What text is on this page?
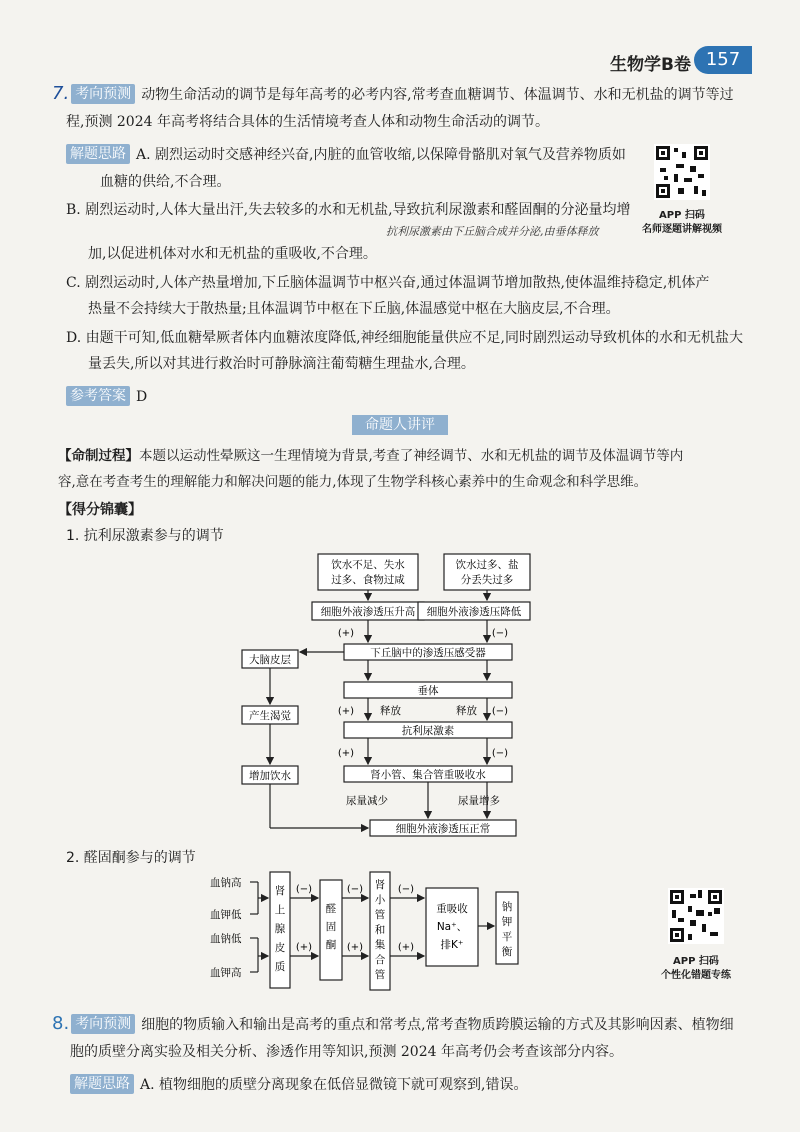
生物学B卷 157
7. 考向预测 动物生命活动的调节是每年高考的必考内容,常考查血糖调节、体温调节、水和无机盐的调节等过
程,预测 2024 年高考将结合具体的生活情境考查人体和动物生命活动的调节。
解题思路 A. 剧烈运动时交感神经兴奋,内脏的血管收缩,以保障骨骼肌对氧气及营养物质如
血糖的供给,不合理。
B. 剧烈运动时,人体大量出汗,失去较多的水和无机盐,导致抗利尿激素和醛固酮的分泌量均增
抗利尿激素由下丘脑合成并分泌,由垂体释放
加,以促进机体对水和无机盐的重吸收,不合理。
C. 剧烈运动时,人体产热量增加,下丘脑体温调节中枢兴奋,通过体温调节增加散热,使体温维持稳定,机体产
热量不会持续大于散热量;且体温调节中枢在下丘脑,体温感觉中枢在大脑皮层,不合理。
D. 由题干可知,低血糖晕厥者体内血糖浓度降低,神经细胞能量供应不足,同时剧烈运动导致机体的水和无机盐大
量丢失,所以对其进行救治时可静脉滴注葡萄糖生理盐水,合理。
参考答案 D
APP 扫码
名师逐题讲解视频
命题人讲评
【命制过程】本题以运动性晕厥这一生理情境为背景,考查了神经调节、水和无机盐的调节及体温调节等内
容,意在考查考生的理解能力和解决问题的能力,体现了生物学科核心素养中的生命观念和科学思维。
【得分锦囊】
1. 抗利尿激素参与的调节
饮水不足、失水
过多、食物过咸
饮水过多、盐
分丢失过多
细胞外液渗透压升高 细胞外液渗透压降低
(+)	(−)
下丘脑中的渗透压感受器
大脑皮层
垂体
产生渴觉	(+) 释放	释放 (−)
抗利尿激素
(+)	(−)
增加饮水	肾小管、集合管重吸收水
尿量减少	尿量增多
细胞外液渗透压正常
2. 醛固酮参与的调节
血钠高
血钾低
血钠低
血钾高
肾上腺皮质
(−)
(+)
醛固酮
(−)
(+)
肾小管和集合管
(−)
(+)
重吸收
Na⁺、
排K⁺
钠钾平衡
APP 扫码
个性化错题专练
8. 考向预测 细胞的物质输入和输出是高考的重点和常考点,常考查物质跨膜运输的方式及其影响因素、植物细
胞的质壁分离实验及相关分析、渗透作用等知识,预测 2024 年高考仍会考查该部分内容。
解题思路 A. 植物细胞的质壁分离现象在低倍显微镜下就可观察到,错误。
